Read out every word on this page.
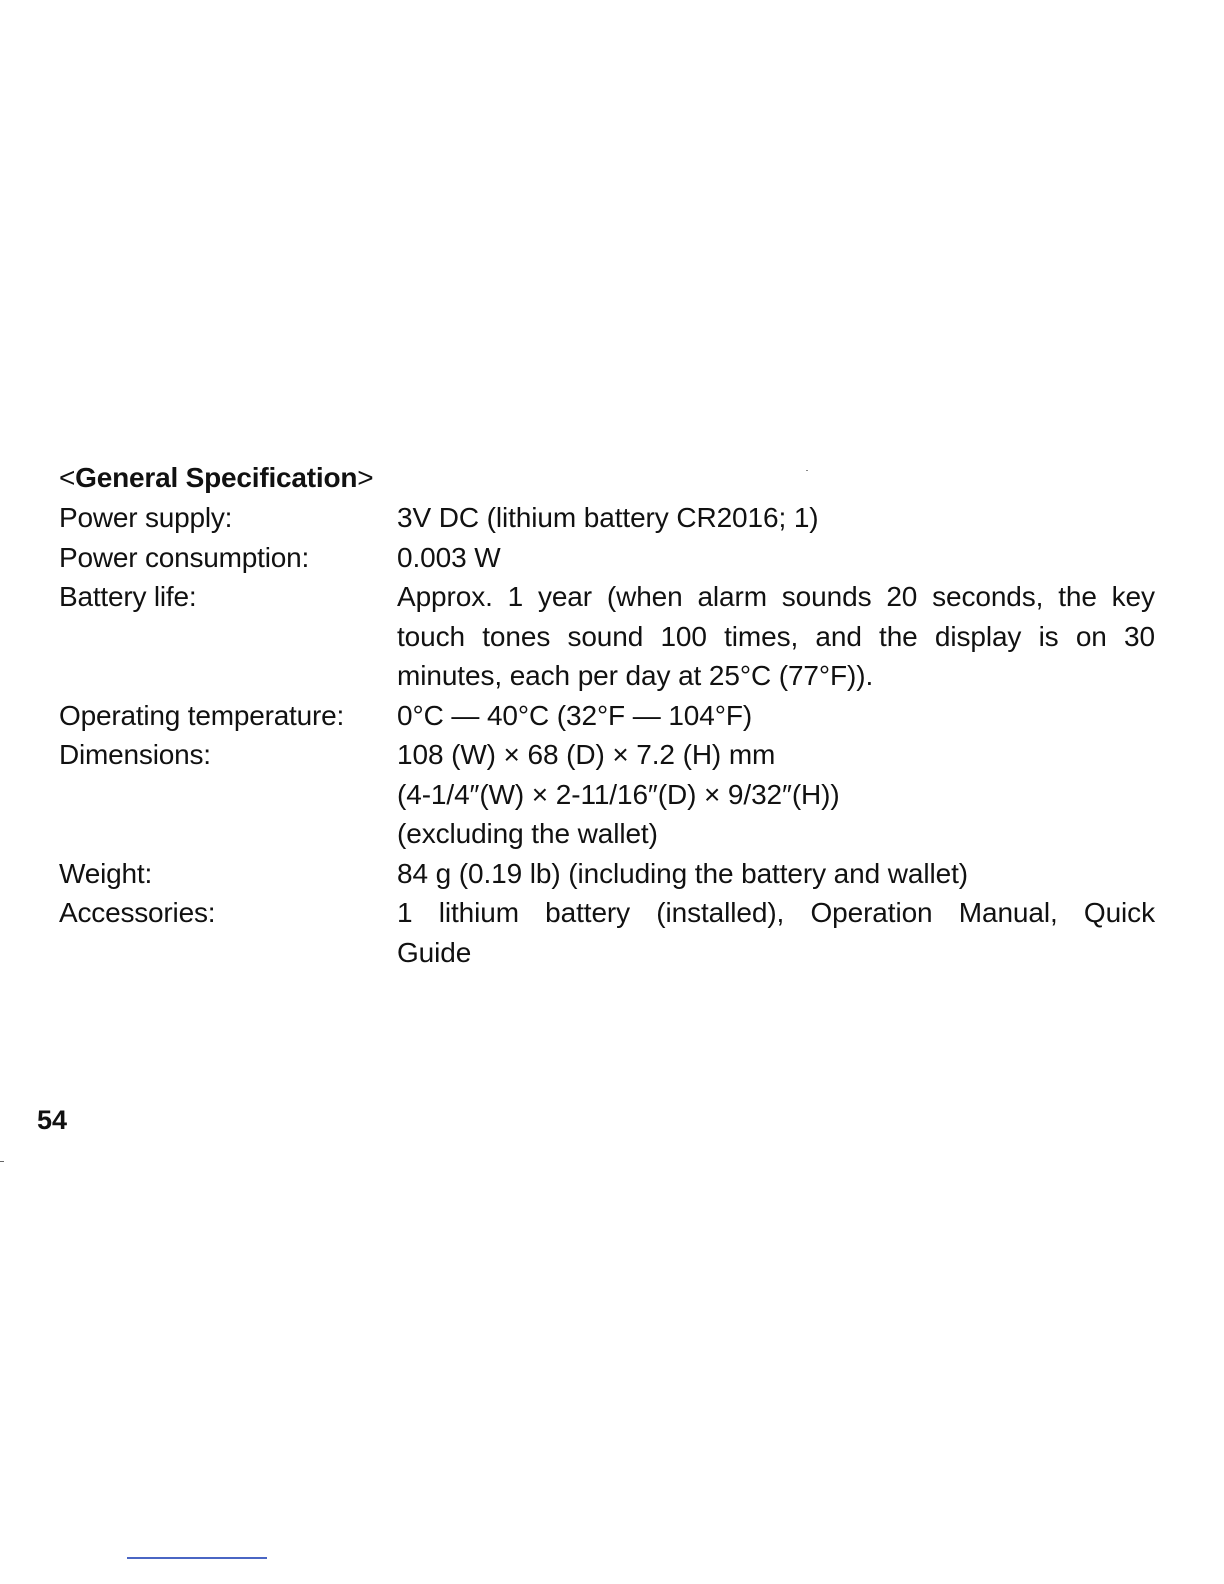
<General Specification>
Power supply:	3V DC (lithium battery CR2016; 1)
Power consumption:	0.003 W
Battery life:	Approx. 1 year (when alarm sounds 20 seconds, the key
touch tones sound 100 times, and the display is on 30
minutes, each per day at 25°C (77°F)).
Operating temperature:	0°C — 40°C (32°F — 104°F)
Dimensions:	108 (W) × 68 (D) × 7.2 (H) mm
(4-1/4″(W) × 2-11/16″(D) × 9/32″(H))
(excluding the wallet)
Weight:	84 g (0.19 lb) (including the battery and wallet)
Accessories:	1 lithium battery (installed), Operation Manual, Quick
Guide
54
